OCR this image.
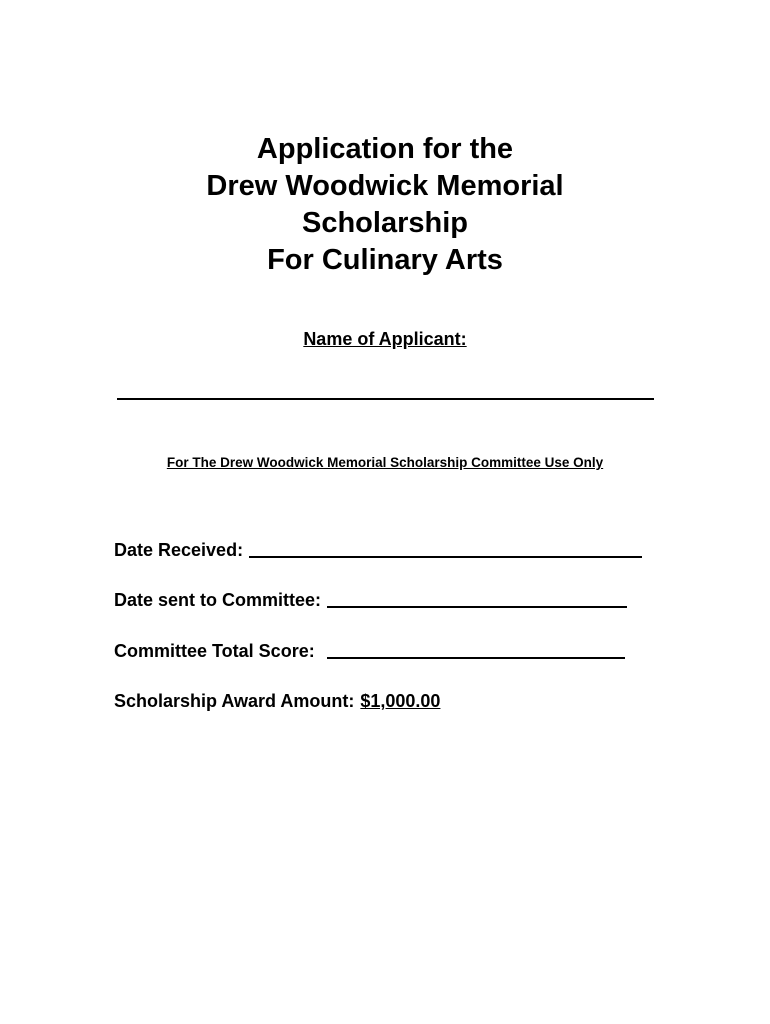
Application for the
Drew Woodwick Memorial
Scholarship
For Culinary Arts
Name of Applicant:
For The Drew Woodwick Memorial Scholarship Committee Use Only
Date Received:
Date sent to Committee:
Committee Total Score:
Scholarship Award Amount: $1,000.00
